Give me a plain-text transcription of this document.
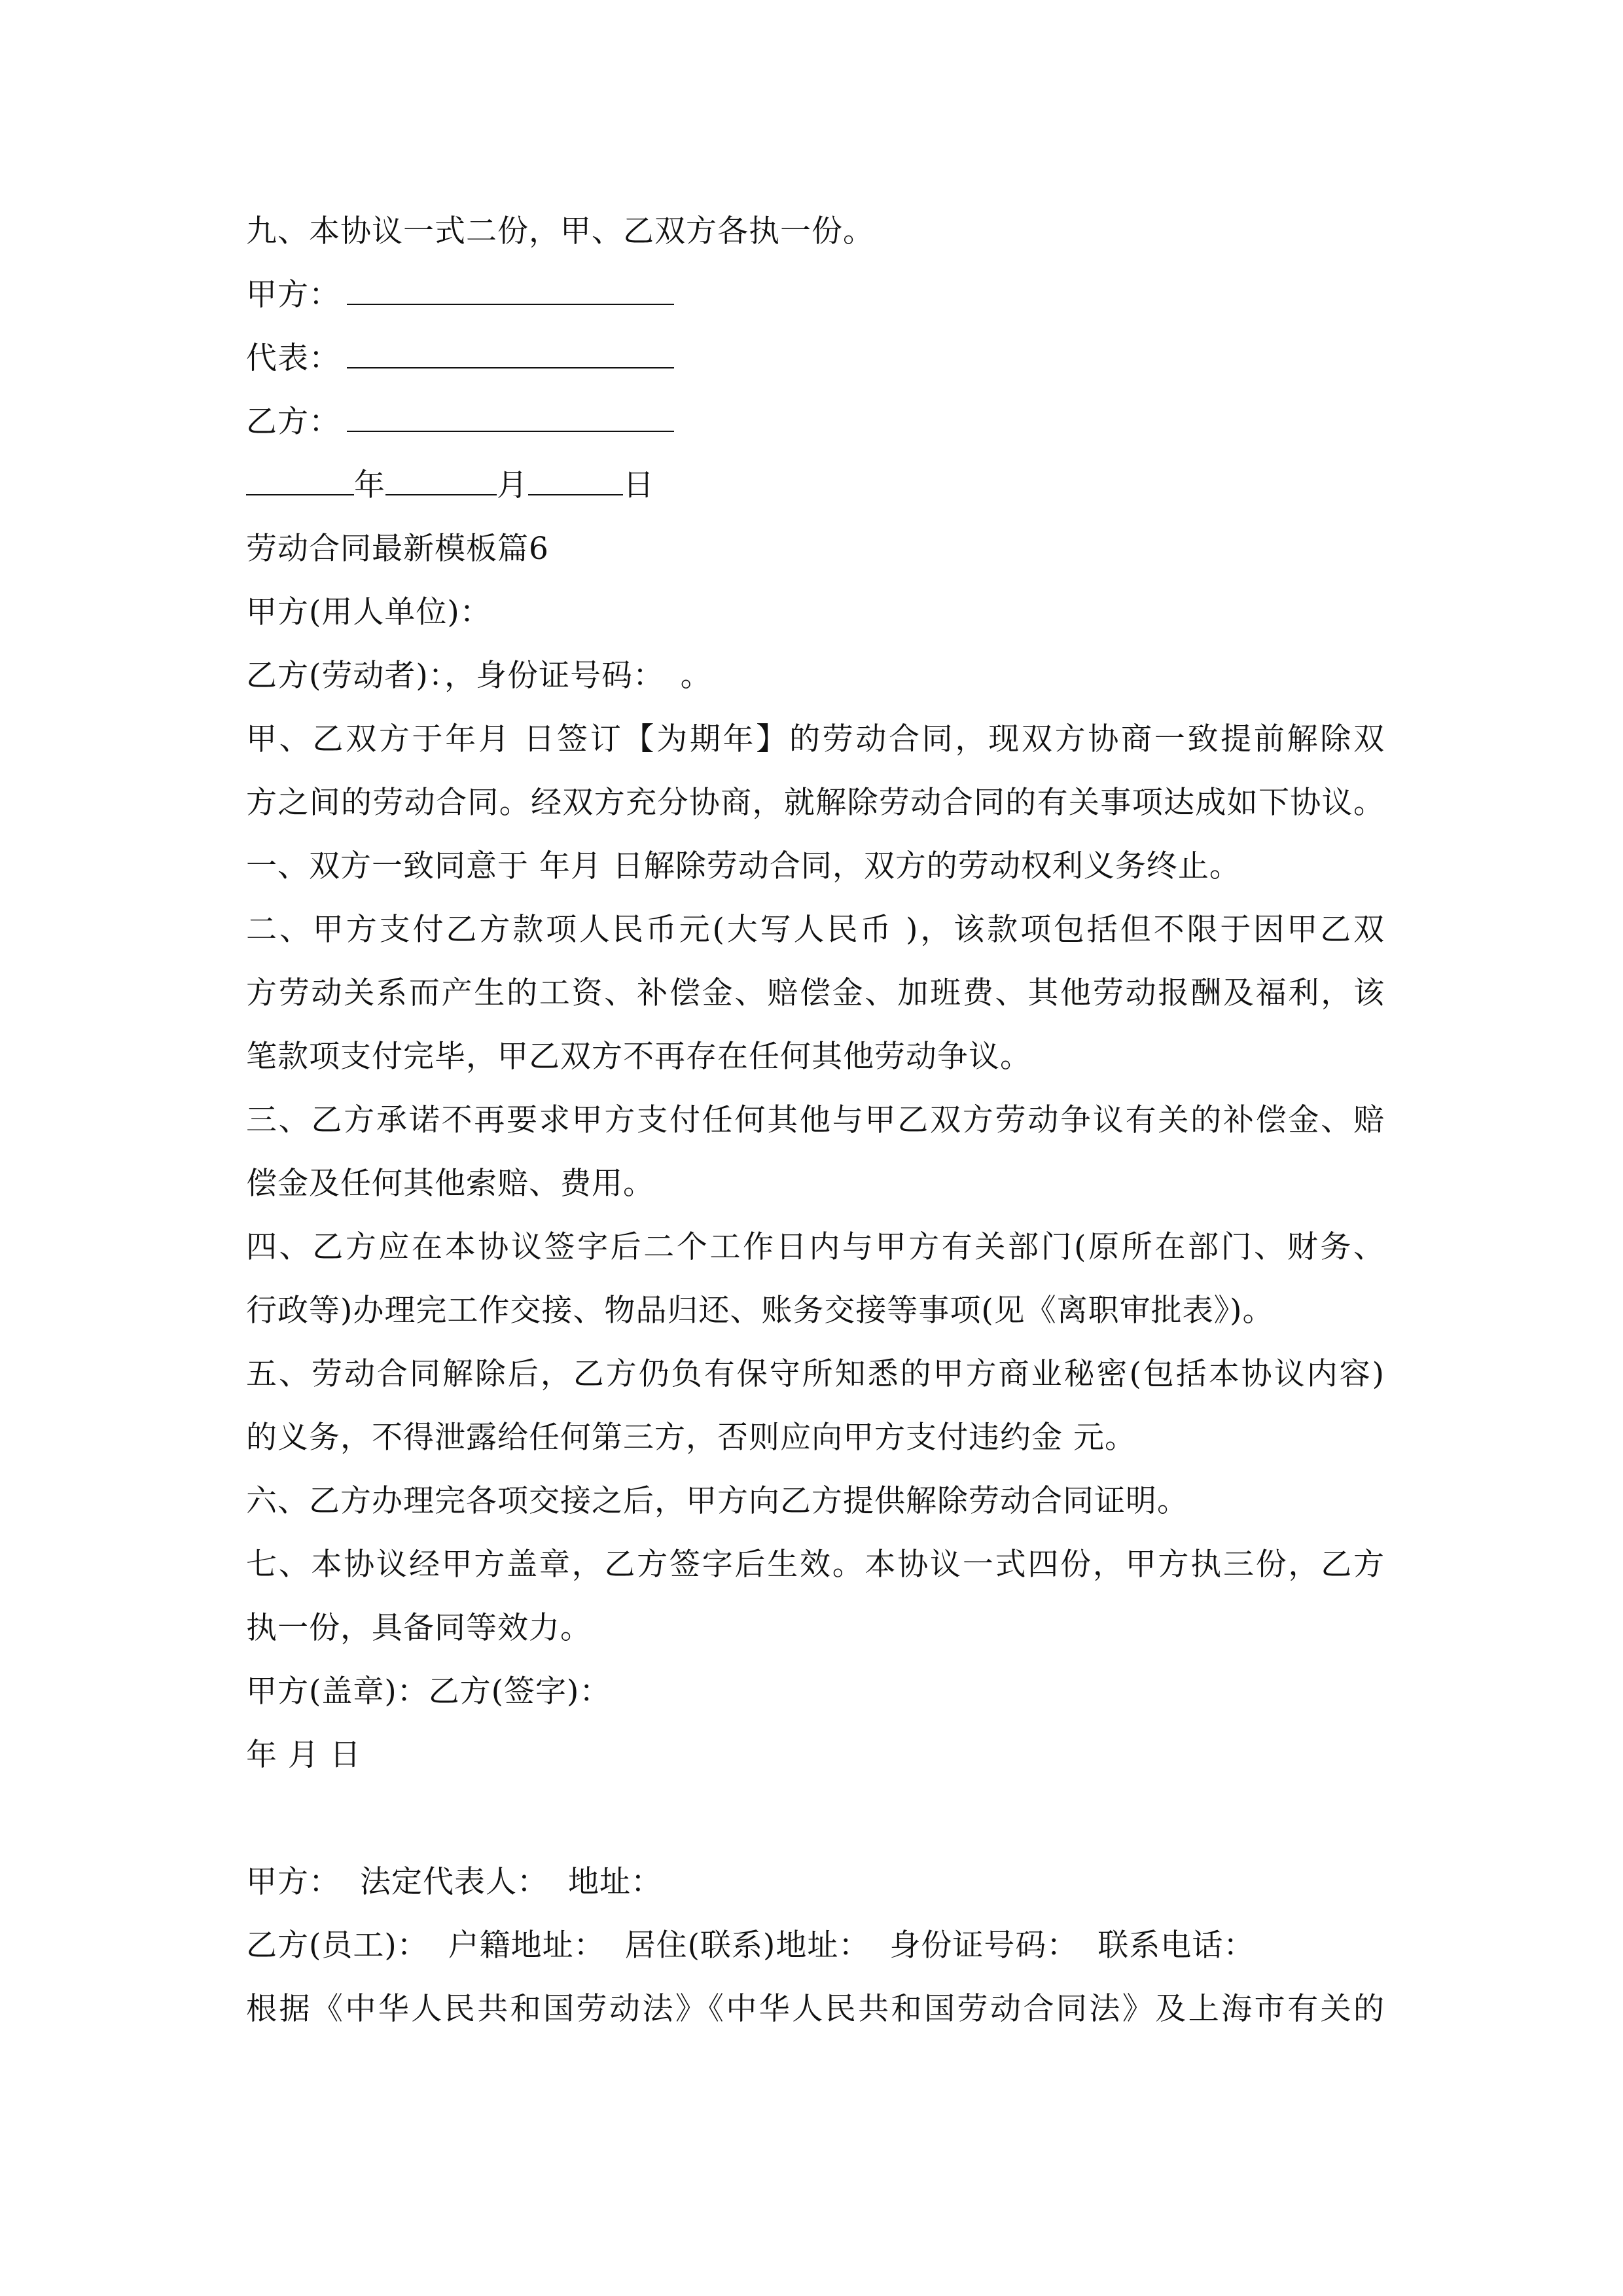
九、本协议一式二份，甲、乙双方各执一份。
甲方：
代表：
乙方：
年	月	日
劳动合同最新模板篇6
甲方(用人单位)：
乙方(劳动者)：，身份证号码：　。
甲、乙双方于年月 日签订【为期年】的劳动合同，现双方协商一致提前解除双
方之间的劳动合同。经双方充分协商，就解除劳动合同的有关事项达成如下协议。
一、双方一致同意于 年月 日解除劳动合同，双方的劳动权利义务终止。
二、甲方支付乙方款项人民币元(大写人民币 )，该款项包括但不限于因甲乙双
方劳动关系而产生的工资、补偿金、赔偿金、加班费、其他劳动报酬及福利，该
笔款项支付完毕，甲乙双方不再存在任何其他劳动争议。
三、乙方承诺不再要求甲方支付任何其他与甲乙双方劳动争议有关的补偿金、赔
偿金及任何其他索赔、费用。
四、乙方应在本协议签字后二个工作日内与甲方有关部门(原所在部门、财务、
行政等)办理完工作交接、物品归还、账务交接等事项(见《离职审批表》)。
五、劳动合同解除后，乙方仍负有保守所知悉的甲方商业秘密(包括本协议内容)
的义务，不得泄露给任何第三方，否则应向甲方支付违约金 元。
六、乙方办理完各项交接之后，甲方向乙方提供解除劳动合同证明。
七、本协议经甲方盖章，乙方签字后生效。本协议一式四份，甲方执三份，乙方
执一份，具备同等效力。
甲方(盖章)：乙方(签字)：
年 月 日
甲方： 法定代表人： 地址：
乙方(员工)： 户籍地址： 居住(联系)地址： 身份证号码： 联系电话：
根据《中华人民共和国劳动法》《中华人民共和国劳动合同法》及上海市有关的
